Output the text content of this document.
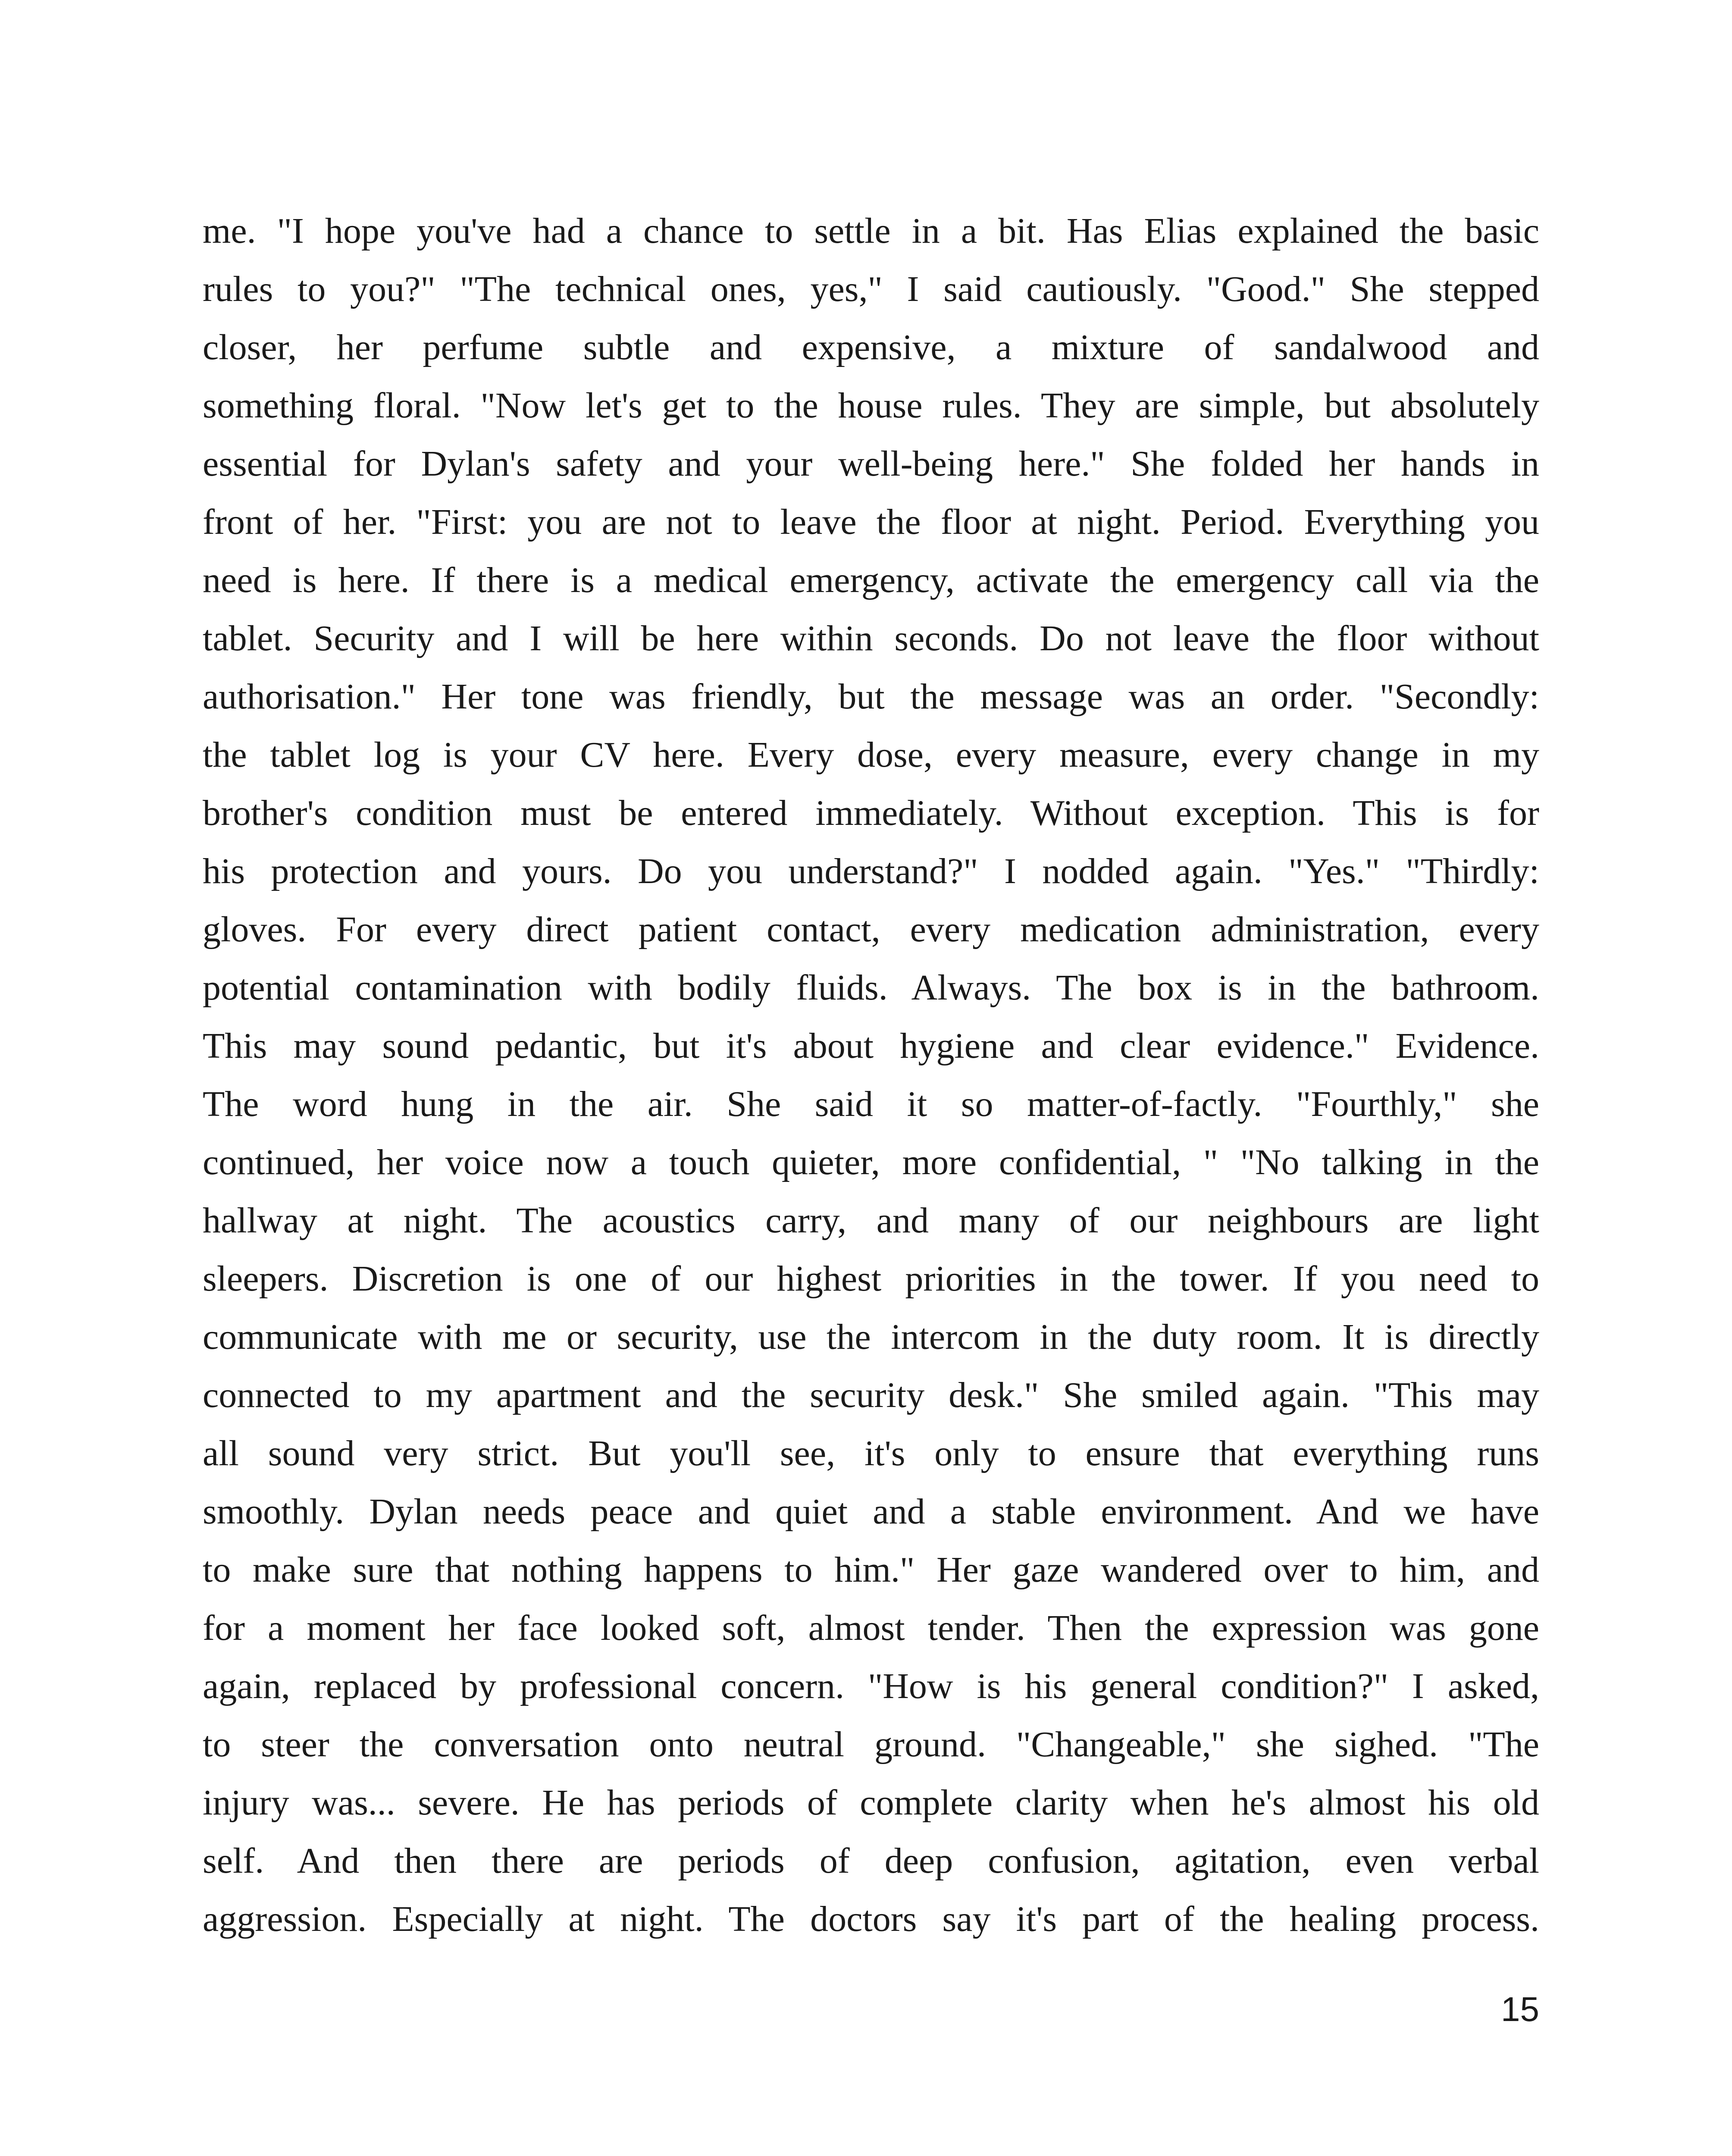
me. "I hope you've had a chance to settle in a bit. Has Elias explained the basic
rules to you?" "The technical ones, yes," I said cautiously. "Good." She stepped
closer, her perfume subtle and expensive, a mixture of sandalwood and
something floral. "Now let's get to the house rules. They are simple, but absolutely
essential for Dylan's safety and your well-being here." She folded her hands in
front of her. "First: you are not to leave the floor at night. Period. Everything you
need is here. If there is a medical emergency, activate the emergency call via the
tablet. Security and I will be here within seconds. Do not leave the floor without
authorisation." Her tone was friendly, but the message was an order. "Secondly:
the tablet log is your CV here. Every dose, every measure, every change in my
brother's condition must be entered immediately. Without exception. This is for
his protection and yours. Do you understand?" I nodded again. "Yes." "Thirdly:
gloves. For every direct patient contact, every medication administration, every
potential contamination with bodily fluids. Always. The box is in the bathroom.
This may sound pedantic, but it's about hygiene and clear evidence." Evidence.
The word hung in the air. She said it so matter-of-factly. "Fourthly," she
continued, her voice now a touch quieter, more confidential, " "No talking in the
hallway at night. The acoustics carry, and many of our neighbours are light
sleepers. Discretion is one of our highest priorities in the tower. If you need to
communicate with me or security, use the intercom in the duty room. It is directly
connected to my apartment and the security desk." She smiled again. "This may
all sound very strict. But you'll see, it's only to ensure that everything runs
smoothly. Dylan needs peace and quiet and a stable environment. And we have
to make sure that nothing happens to him." Her gaze wandered over to him, and
for a moment her face looked soft, almost tender. Then the expression was gone
again, replaced by professional concern. "How is his general condition?" I asked,
to steer the conversation onto neutral ground. "Changeable," she sighed. "The
injury was... severe. He has periods of complete clarity when he's almost his old
self. And then there are periods of deep confusion, agitation, even verbal
aggression. Especially at night. The doctors say it's part of the healing process.
15
